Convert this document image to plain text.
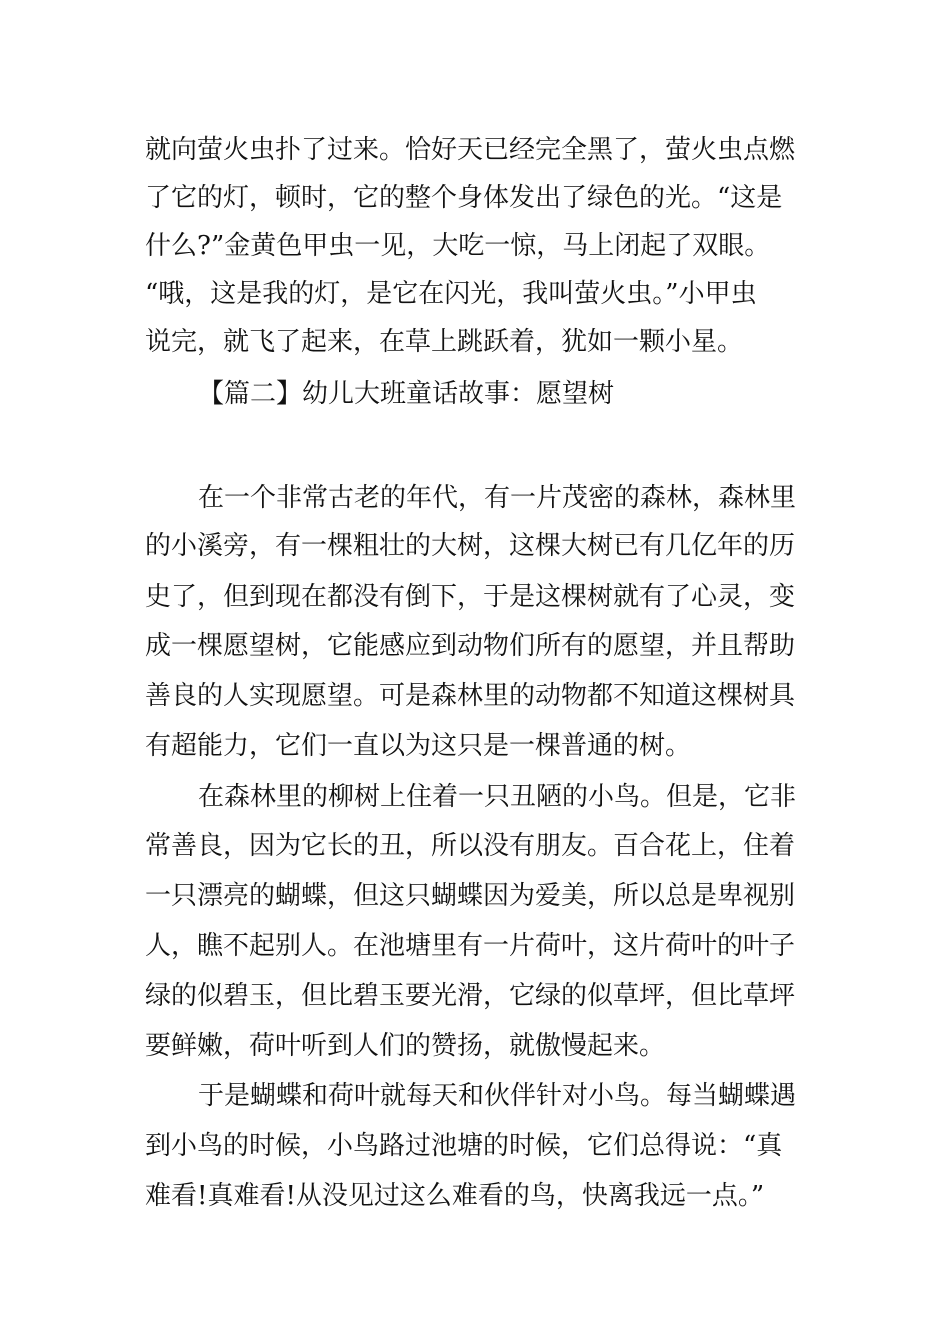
就向萤火虫扑了过来。恰好天已经完全黑了，萤火虫点燃
了它的灯，顿时，它的整个身体发出了绿色的光。“这是
什么?”金黄色甲虫一见，大吃一惊，马上闭起了双眼。
“哦，这是我的灯，是它在闪光，我叫萤火虫。”小甲虫
说完，就飞了起来，在草上跳跃着，犹如一颗小星。
【篇二】幼儿大班童话故事：愿望树
在一个非常古老的年代，有一片茂密的森林，森林里
的小溪旁，有一棵粗壮的大树，这棵大树已有几亿年的历
史了，但到现在都没有倒下，于是这棵树就有了心灵，变
成一棵愿望树，它能感应到动物们所有的愿望，并且帮助
善良的人实现愿望。可是森林里的动物都不知道这棵树具
有超能力，它们一直以为这只是一棵普通的树。
在森林里的柳树上住着一只丑陋的小鸟。但是，它非
常善良，因为它长的丑，所以没有朋友。百合花上，住着
一只漂亮的蝴蝶，但这只蝴蝶因为爱美，所以总是卑视别
人，瞧不起别人。在池塘里有一片荷叶，这片荷叶的叶子
绿的似碧玉，但比碧玉要光滑，它绿的似草坪，但比草坪
要鲜嫩，荷叶听到人们的赞扬，就傲慢起来。
于是蝴蝶和荷叶就每天和伙伴针对小鸟。每当蝴蝶遇
到小鸟的时候，小鸟路过池塘的时候，它们总得说：“真
难看!真难看!从没见过这么难看的鸟，快离我远一点。”
